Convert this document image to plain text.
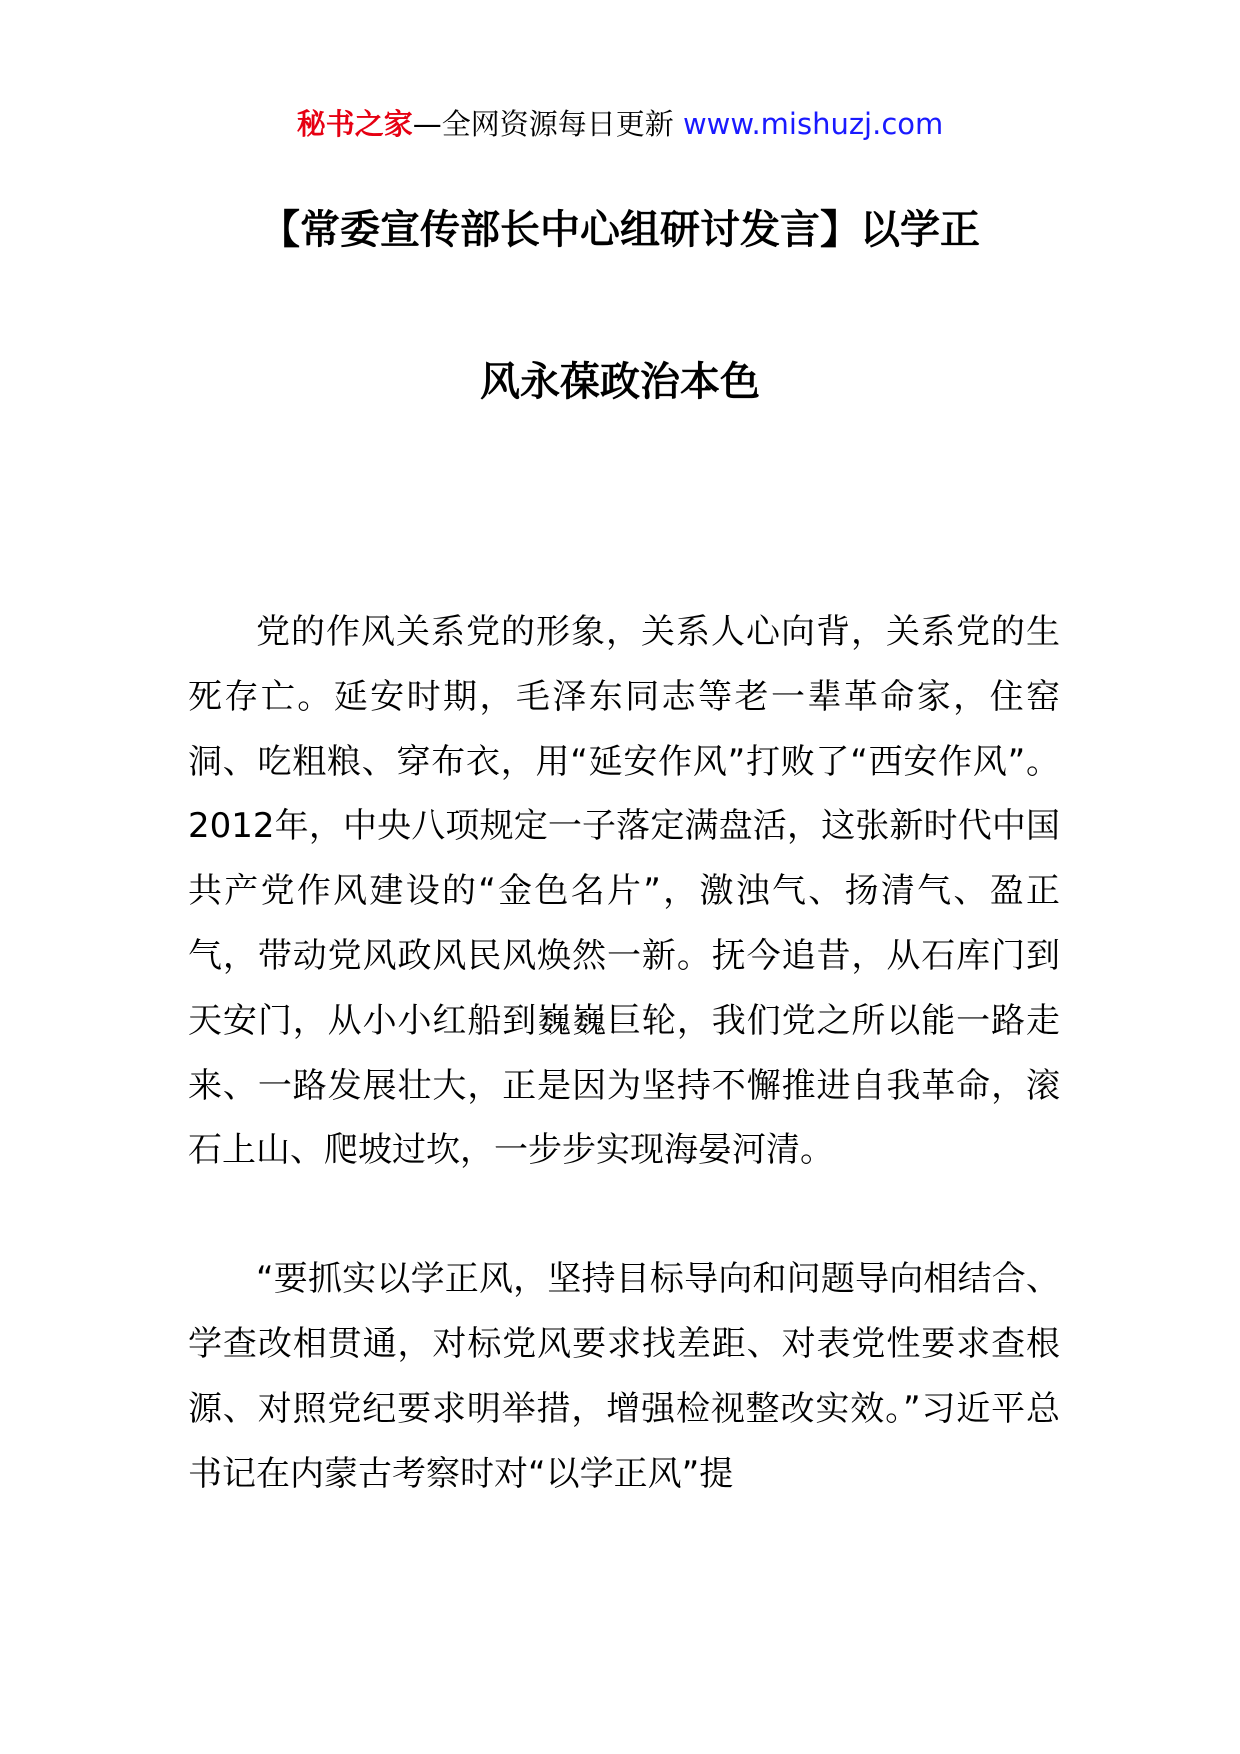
秘书之家—全网资源每日更新 www.mishuzj.com
【常委宣传部长中心组研讨发言】以学正
风永葆政治本色

党的作风关系党的形象，关系人心向背，关系党的生死存亡。延安时期，毛泽东同志等老一辈革命家，住窑洞、吃粗粮、穿布衣，用“延安作风”打败了“西安作风”。2012年，中央八项规定一子落定满盘活，这张新时代中国共产党作风建设的“金色名片”，激浊气、扬清气、盈正气，带动党风政风民风焕然一新。抚今追昔，从石库门到天安门，从小小红船到巍巍巨轮，我们党之所以能一路走来、一路发展壮大，正是因为坚持不懈推进自我革命，滚石上山、爬坡过坎，一步步实现海晏河清。

“要抓实以学正风，坚持目标导向和问题导向相结合、学查改相贯通，对标党风要求找差距、对表党性要求查根源、对照党纪要求明举措，增强检视整改实效。”习近平总书记在内蒙古考察时对“以学正风”提
